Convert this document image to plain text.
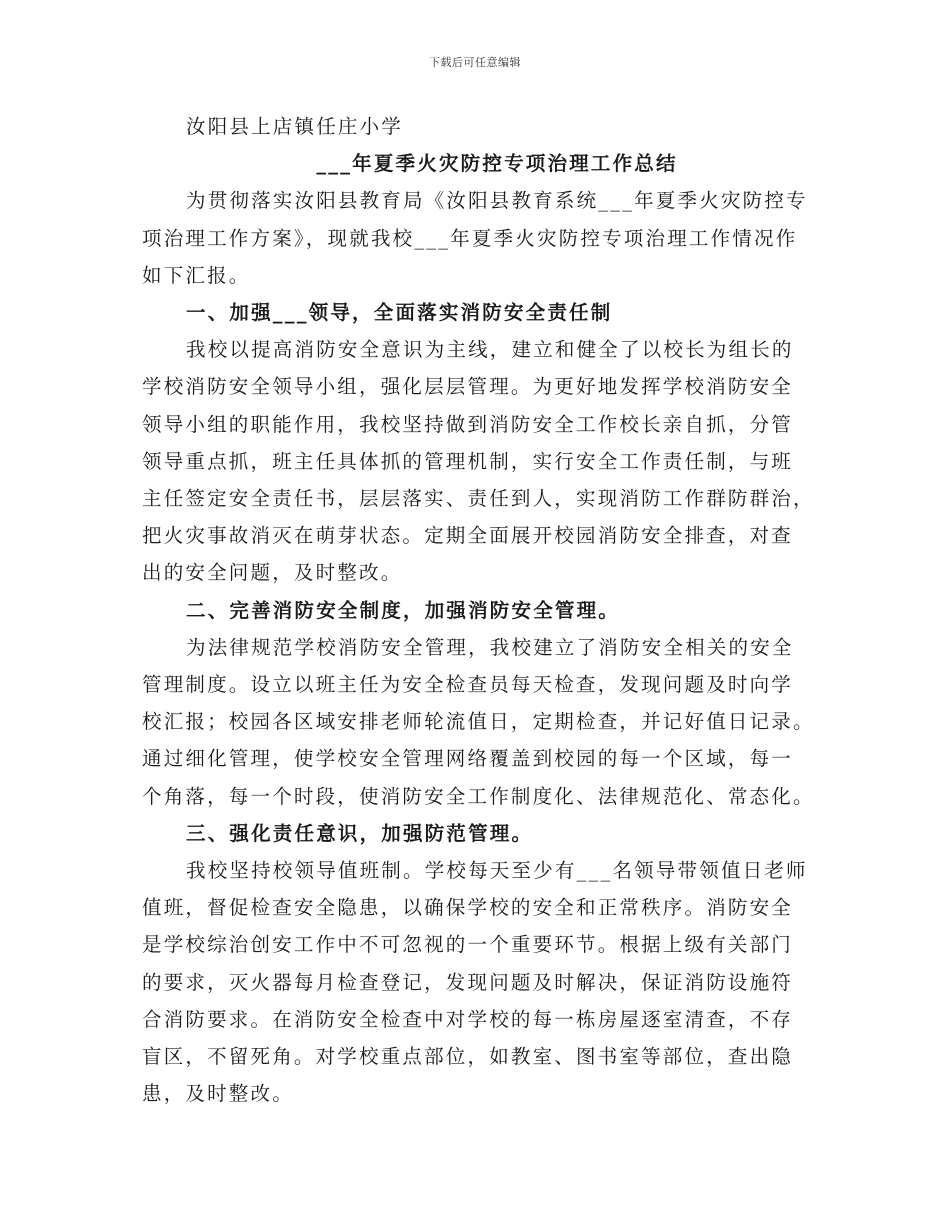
下载后可任意编辑
汝阳县上店镇任庄小学
___年夏季火灾防控专项治理工作总结
为贯彻落实汝阳县教育局《汝阳县教育系统___年夏季火灾防控专
项治理工作方案》，现就我校___年夏季火灾防控专项治理工作情况作
如下汇报。
一、加强___领导，全面落实消防安全责任制
我校以提高消防安全意识为主线，建立和健全了以校长为组长的
学校消防安全领导小组，强化层层管理。为更好地发挥学校消防安全
领导小组的职能作用，我校坚持做到消防安全工作校长亲自抓，分管
领导重点抓，班主任具体抓的管理机制，实行安全工作责任制，与班
主任签定安全责任书，层层落实、责任到人，实现消防工作群防群治，
把火灾事故消灭在萌芽状态。定期全面展开校园消防安全排查，对查
出的安全问题，及时整改。
二、完善消防安全制度，加强消防安全管理。
为法律规范学校消防安全管理，我校建立了消防安全相关的安全
管理制度。设立以班主任为安全检查员每天检查，发现问题及时向学
校汇报；校园各区域安排老师轮流值日，定期检查，并记好值日记录。
通过细化管理，使学校安全管理网络覆盖到校园的每一个区域，每一
个角落，每一个时段，使消防安全工作制度化、法律规范化、常态化。
三、强化责任意识，加强防范管理。
我校坚持校领导值班制。学校每天至少有___名领导带领值日老师
值班，督促检查安全隐患，以确保学校的安全和正常秩序。消防安全
是学校综治创安工作中不可忽视的一个重要环节。根据上级有关部门
的要求，灭火器每月检查登记，发现问题及时解决，保证消防设施符
合消防要求。在消防安全检查中对学校的每一栋房屋逐室清查，不存
盲区，不留死角。对学校重点部位，如教室、图书室等部位，查出隐
患，及时整改。
